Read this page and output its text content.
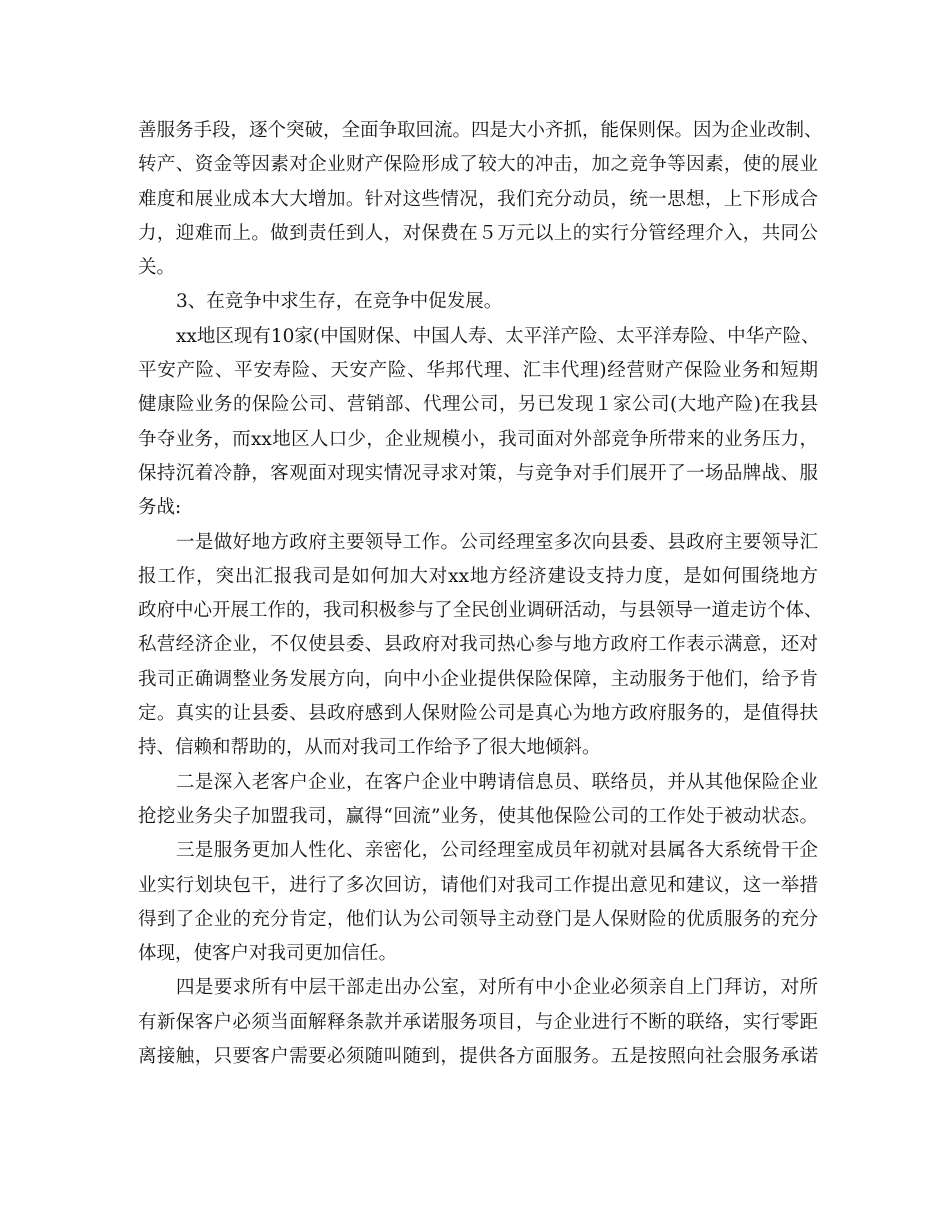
善服务手段，逐个突破，全面争取回流。四是大小齐抓，能保则保。因为企业改制、
转产、资金等因素对企业财产保险形成了较大的冲击，加之竞争等因素，使的展业
难度和展业成本大大增加。针对这些情况，我们充分动员，统一思想，上下形成合
力，迎难而上。做到责任到人，对保费在５万元以上的实行分管经理介入，共同公
关。
3、在竞争中求生存，在竞争中促发展。
xx地区现有10家(中国财保、中国人寿、太平洋产险、太平洋寿险、中华产险、
平安产险、平安寿险、天安产险、华邦代理、汇丰代理)经营财产保险业务和短期
健康险业务的保险公司、营销部、代理公司，另已发现１家公司(大地产险)在我县
争夺业务，而xx地区人口少，企业规模小，我司面对外部竞争所带来的业务压力，
保持沉着冷静，客观面对现实情况寻求对策，与竞争对手们展开了一场品牌战、服
务战:
一是做好地方政府主要领导工作。公司经理室多次向县委、县政府主要领导汇
报工作，突出汇报我司是如何加大对xx地方经济建设支持力度，是如何围绕地方
政府中心开展工作的，我司积极参与了全民创业调研活动，与县领导一道走访个体、
私营经济企业，不仅使县委、县政府对我司热心参与地方政府工作表示满意，还对
我司正确调整业务发展方向，向中小企业提供保险保障，主动服务于他们，给予肯
定。真实的让县委、县政府感到人保财险公司是真心为地方政府服务的，是值得扶
持、信赖和帮助的，从而对我司工作给予了很大地倾斜。
二是深入老客户企业，在客户企业中聘请信息员、联络员，并从其他保险企业
抢挖业务尖子加盟我司，赢得“回流”业务，使其他保险公司的工作处于被动状态。
三是服务更加人性化、亲密化，公司经理室成员年初就对县属各大系统骨干企
业实行划块包干，进行了多次回访，请他们对我司工作提出意见和建议，这一举措
得到了企业的充分肯定，他们认为公司领导主动登门是人保财险的优质服务的充分
体现，使客户对我司更加信任。
四是要求所有中层干部走出办公室，对所有中小企业必须亲自上门拜访，对所
有新保客户必须当面解释条款并承诺服务项目，与企业进行不断的联络，实行零距
离接触，只要客户需要必须随叫随到，提供各方面服务。五是按照向社会服务承诺
